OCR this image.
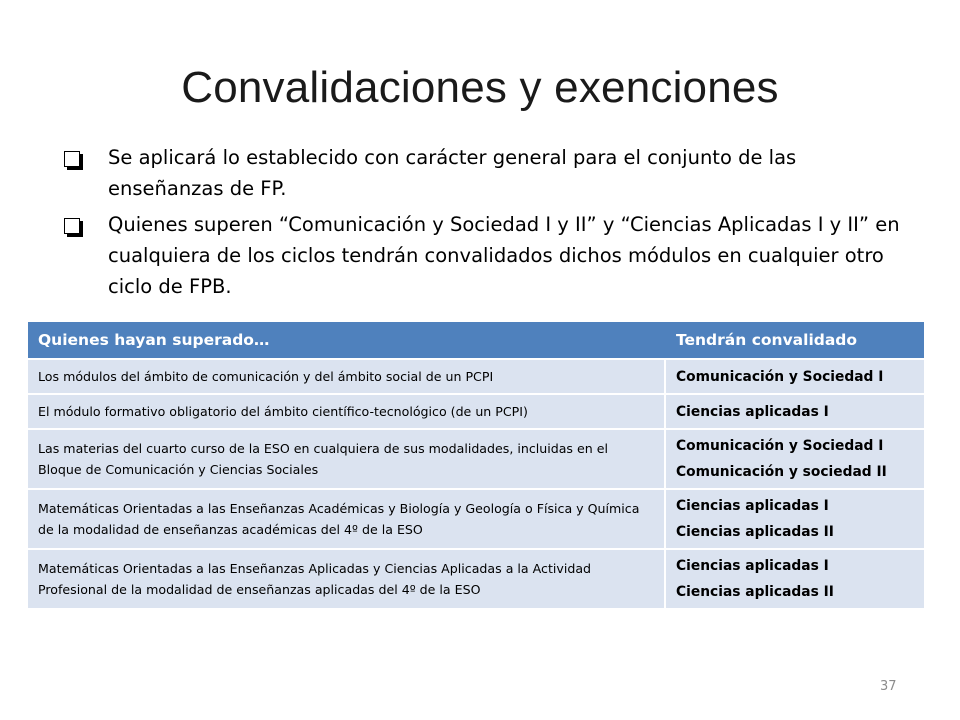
Convalidaciones y exenciones
Se aplicará lo establecido con carácter general para el conjunto de las enseñanzas de FP.
Quienes superen “Comunicación y Sociedad I y II” y “Ciencias Aplicadas I y II” en cualquiera de los ciclos tendrán convalidados dichos módulos en cualquier otro ciclo de FPB.
Quienes hayan superado…	Tendrán convalidado
Los módulos del ámbito de comunicación y del ámbito social de un PCPI	Comunicación y Sociedad I

El módulo formativo obligatorio del ámbito científico-tecnológico (de un PCPI)	Ciencias aplicadas I

Las materias del cuarto curso de la ESO en cualquiera de sus modalidades, incluidas en el Bloque de Comunicación y Ciencias Sociales	Comunicación y Sociedad I
Comunicación y sociedad II

Matemáticas Orientadas a las Enseñanzas Académicas y Biología y Geología o Física y Química de la modalidad de enseñanzas académicas del 4º de la ESO	Ciencias aplicadas I
Ciencias aplicadas II

Matemáticas Orientadas a las Enseñanzas Aplicadas y Ciencias Aplicadas a la Actividad Profesional de la modalidad de enseñanzas aplicadas del 4º de la ESO	Ciencias aplicadas I
Ciencias aplicadas II
37
